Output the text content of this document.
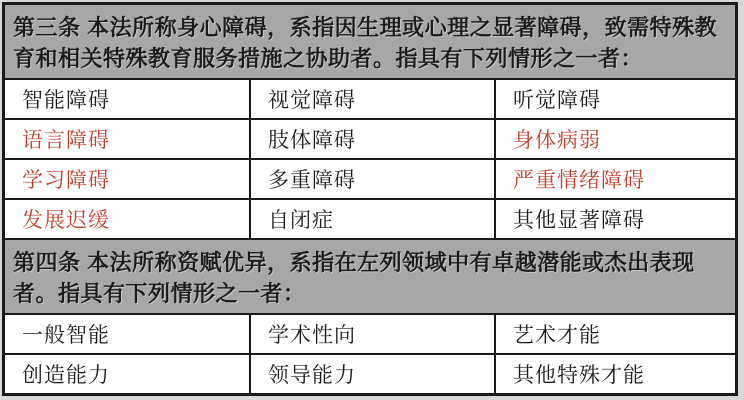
第三条 本法所称身心障碍，系指因生理或心理之显著障碍，致需特殊教育和相关特殊教育服务措施之协助者。指具有下列情形之一者：
智能障碍	视觉障碍	听觉障碍
语言障碍	肢体障碍	身体病弱
学习障碍	多重障碍	严重情绪障碍
发展迟缓	自闭症	其他显著障碍
第四条 本法所称资赋优异，系指在左列领域中有卓越潜能或杰出表现者。指具有下列情形之一者：
一般智能	学术性向	艺术才能
创造能力	领导能力	其他特殊才能
